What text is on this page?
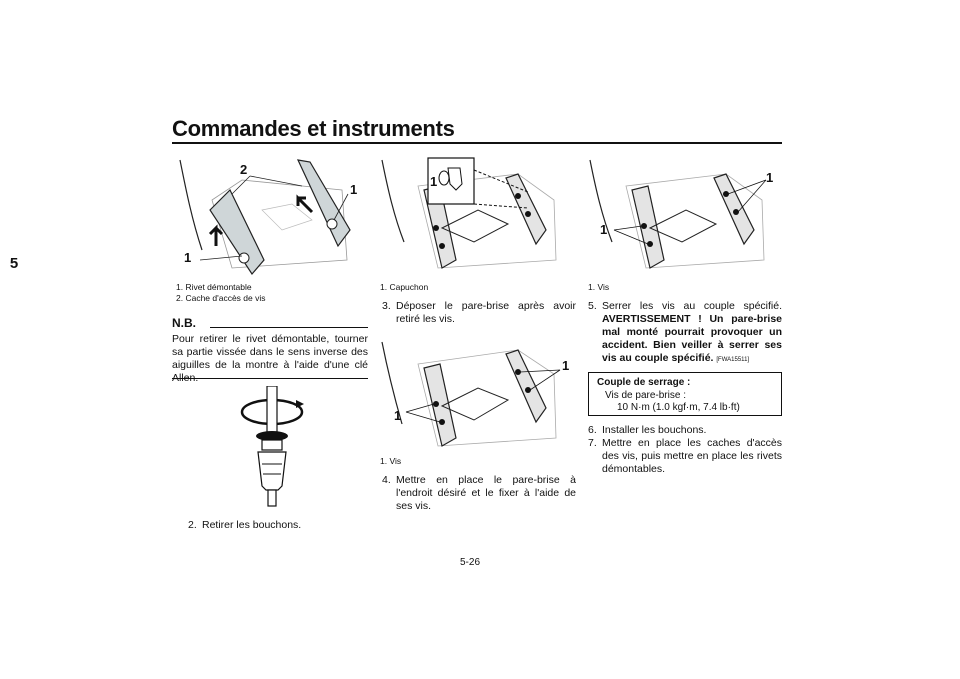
Commandes et instruments
5	1
2
1
1. Rivet démontable
2. Cache d'accès de vis
N.B.
Pour retirer le rivet démontable, tourner sa partie vissée dans le sens inverse des aiguilles de la montre à l'aide d'une clé Allen.
2. Retirer les bouchons.
1
1. Capuchon
3. Déposer le pare-brise après avoir retiré les vis.
1
1
1. Vis
4. Mettre en place le pare-brise à l'endroit désiré et le fixer à l'aide de ses vis.
1
1
1. Vis
5. Serrer les vis au couple spécifié. AVERTISSEMENT ! Un pare-brise mal monté pourrait provoquer un accident. Bien veiller à serrer ses vis au couple spécifié. [FWA15511]
Couple de serrage :
Vis de pare-brise :
10 N·m (1.0 kgf·m, 7.4 lb·ft)
6. Installer les bouchons.
7. Mettre en place les caches d'accès des vis, puis mettre en place les rivets démontables.
5-26
